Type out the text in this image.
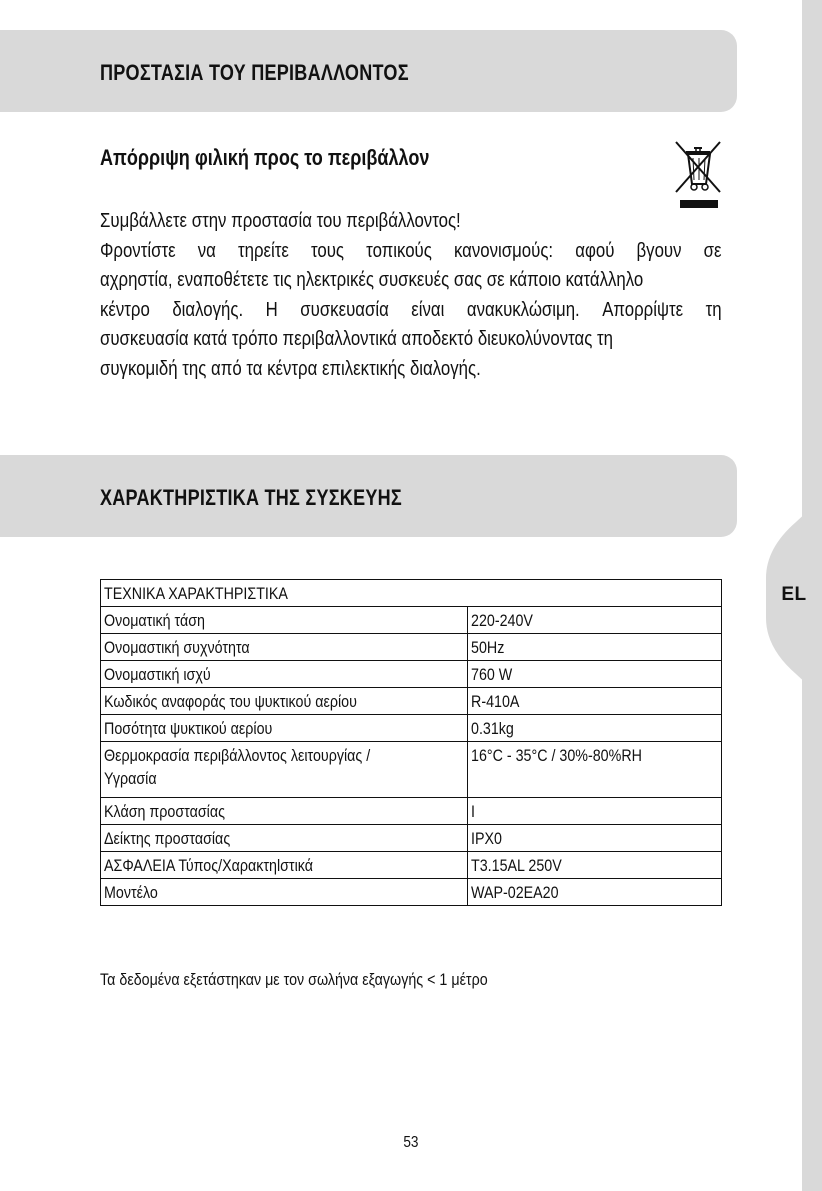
EL
ΠΡΟΣΤΑΣΙΑ ΤΟΥ ΠΕΡΙΒΑΛΛΟΝΤΟΣ
Απόρριψη φιλική προς το περιβάλλον
Συμβάλλετε στην προστασία του περιβάλλοντος!
Φροντίστε να τηρείτε τους τοπικούς κανονισμούς: αφού βγουν σε
αχρηστία, εναποθέτετε τις ηλεκτρικές συσκευές σας σε κάποιο κατάλληλο
κέντρο διαλογής. Η συσκευασία είναι ανακυκλώσιμη. Απορρίψτε τη
συσκευασία κατά τρόπο περιβαλλοντικά αποδεκτό διευκολύνοντας τη
συγκομιδή της από τα κέντρα επιλεκτικής διαλογής.
ΧΑΡΑΚΤΗΡΙΣΤΙΚΑ ΤΗΣ ΣΥΣΚΕΥΗΣ
ΤΕΧΝΙΚΑ ΧΑΡΑΚΤΗΡΙΣΤΙΚΑ	
Ονοματική τάση	220-240V
Ονομαστική συχνότητα	50Hz
Ονομαστική ισχύ	760 W
Κωδικός αναφοράς του ψυκτικού αερίου	R-410A
Ποσότητα ψυκτικού αερίου	0.31kg
Θερμοκρασία περιβάλλοντος λειτουργίας / Υγρασία	16°C - 35°C / 30%-80%RH
Κλάση προστασίας	I
Δείκτης προστασίας	IPX0
ΑΣΦΑΛΕΙΑ Τύπος/Χαρακτηlστικά	T3.15AL 250V
Μοντέλο	WAP-02EA20
Τα δεδομένα εξετάστηκαν με τον σωλήνα εξαγωγής < 1 μέτρο
53
